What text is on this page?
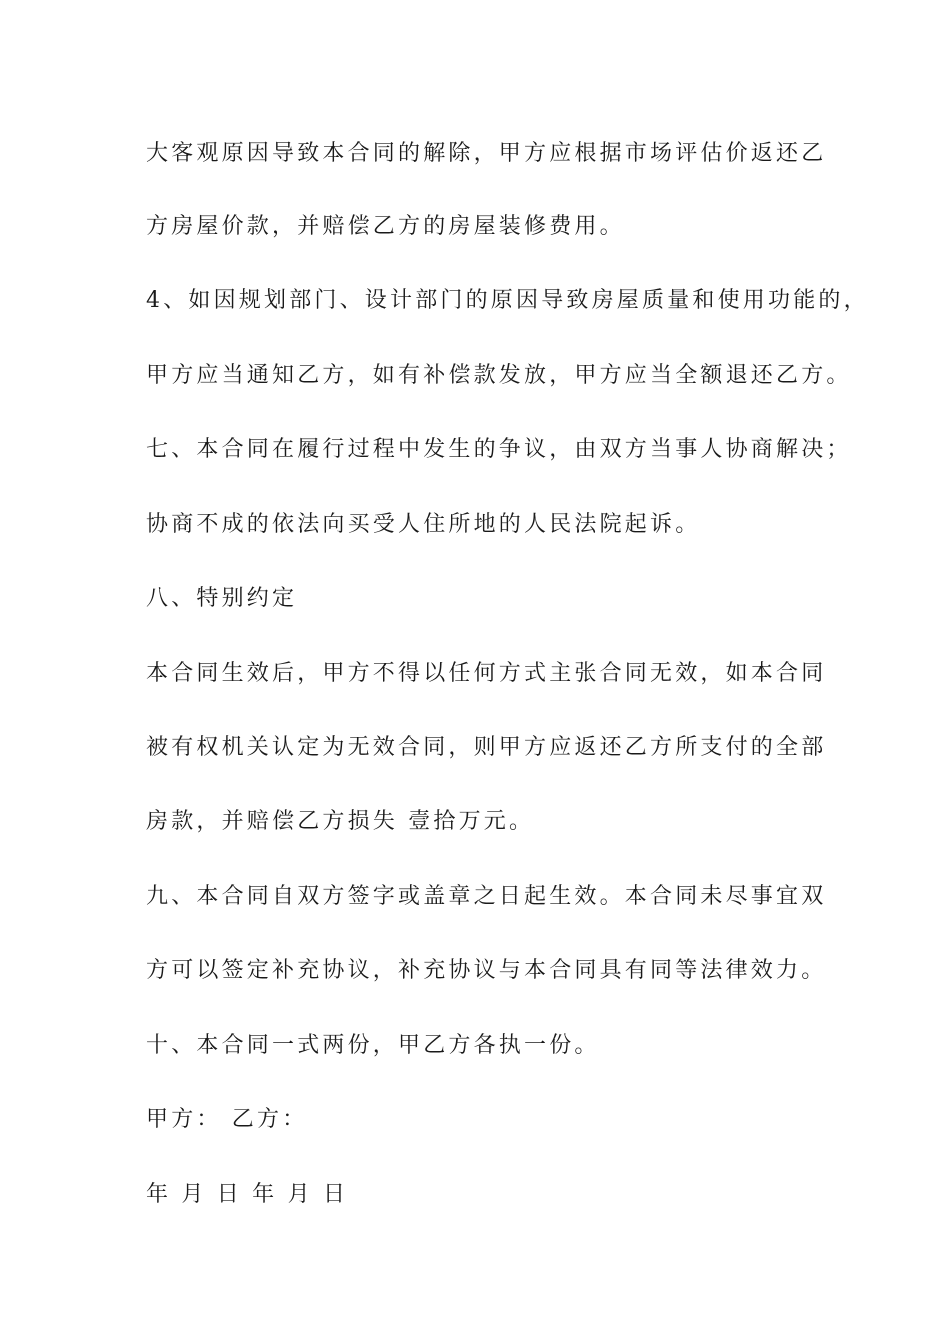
大客观原因导致本合同的解除，甲方应根据市场评估价返还乙
方房屋价款，并赔偿乙方的房屋装修费用。
4、如因规划部门、设计部门的原因导致房屋质量和使用功能的，
甲方应当通知乙方，如有补偿款发放，甲方应当全额退还乙方。
七、本合同在履行过程中发生的争议，由双方当事人协商解决；
协商不成的依法向买受人住所地的人民法院起诉。
八、特别约定
本合同生效后，甲方不得以任何方式主张合同无效，如本合同
被有权机关认定为无效合同，则甲方应返还乙方所支付的全部
房款，并赔偿乙方损失 壹拾万元。
九、本合同自双方签字或盖章之日起生效。本合同未尽事宜双
方可以签定补充协议，补充协议与本合同具有同等法律效力。
十、本合同一式两份，甲乙方各执一份。
甲方： 乙方：
年 月 日 年 月 日
